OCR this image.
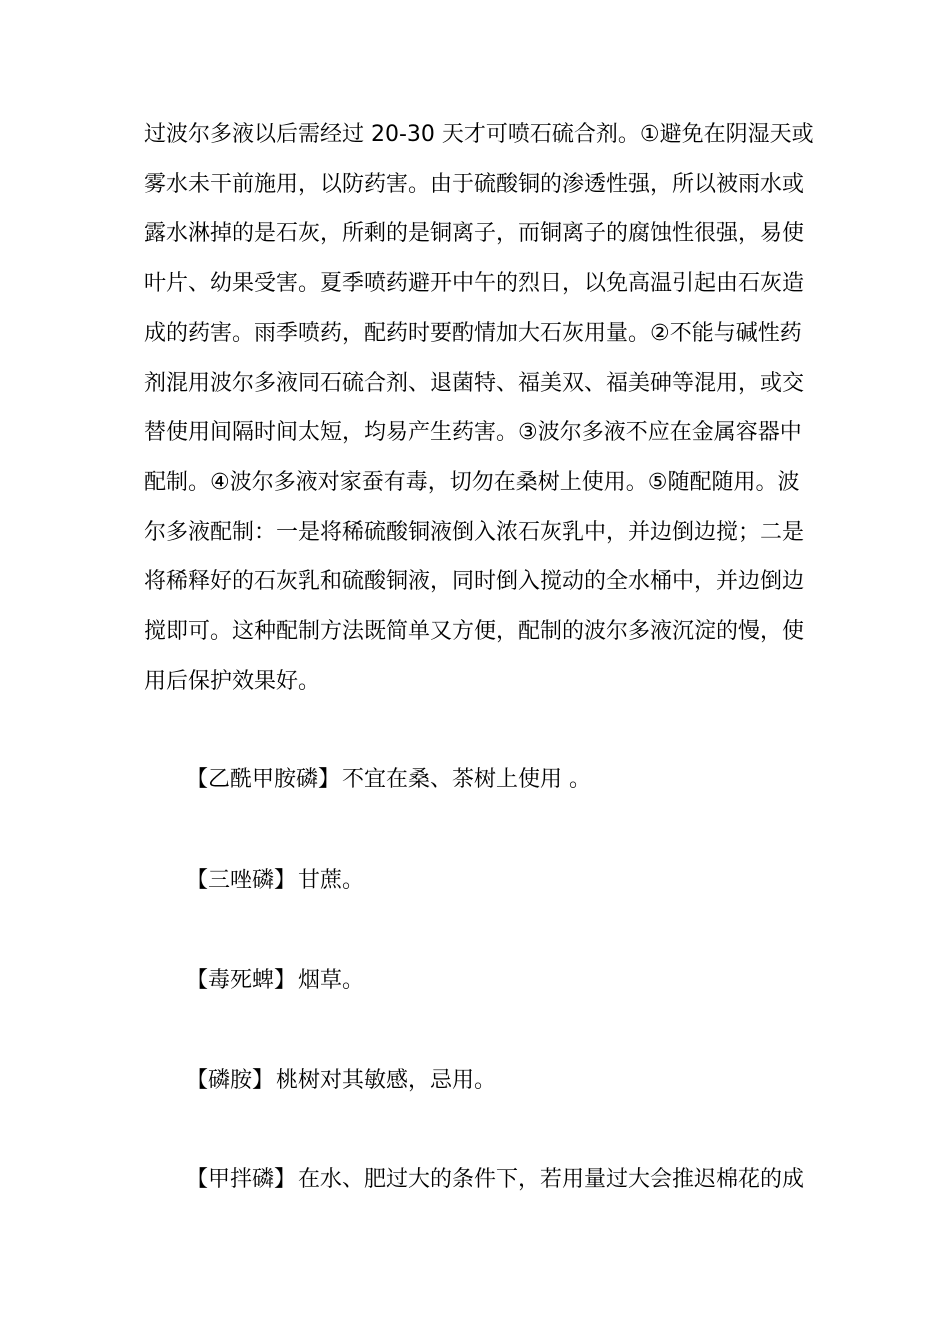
过波尔多液以后需经过 20-30 天才可喷石硫合剂。①避免在阴湿天或
雾水未干前施用，以防药害。由于硫酸铜的渗透性强，所以被雨水或
露水淋掉的是石灰，所剩的是铜离子，而铜离子的腐蚀性很强，易使
叶片、幼果受害。夏季喷药避开中午的烈日，以免高温引起由石灰造
成的药害。雨季喷药，配药时要酌情加大石灰用量。②不能与碱性药
剂混用波尔多液同石硫合剂、退菌特、福美双、福美砷等混用，或交
替使用间隔时间太短，均易产生药害。③波尔多液不应在金属容器中
配制。④波尔多液对家蚕有毒，切勿在桑树上使用。⑤随配随用。波
尔多液配制：一是将稀硫酸铜液倒入浓石灰乳中，并边倒边搅；二是
将稀释好的石灰乳和硫酸铜液，同时倒入搅动的全水桶中，并边倒边
搅即可。这种配制方法既简单又方便，配制的波尔多液沉淀的慢，使
用后保护效果好。
【乙酰甲胺磷】不宜在桑、茶树上使用 。
【三唑磷】甘蔗。
【毒死蜱】烟草。
【磷胺】桃树对其敏感，忌用。
【甲拌磷】在水、肥过大的条件下，若用量过大会推迟棉花的成
